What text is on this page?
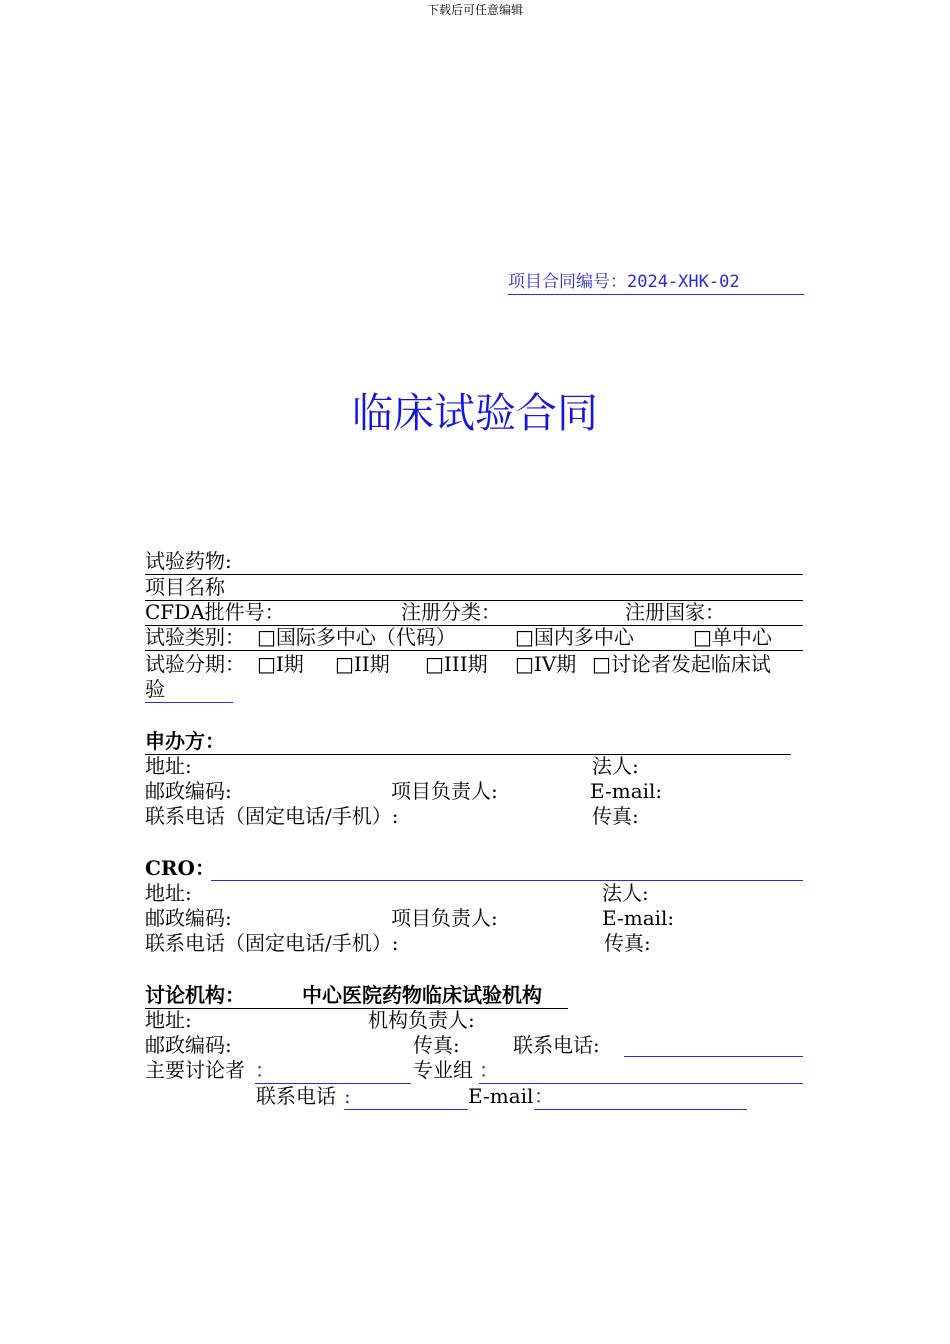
下载后可任意编辑
项目合同编号：2024-XHK-02
临床试验合同
试验药物:
项目名称
CFDA批件号：	注册分类：	注册国家：
试验类别： □国际多中心（代码）	□国内多中心	□单中心
试验分期： □I期 □II期 □III期 □IV期 □讨论者发起临床试
验
申办方：
地址:	法人:
邮政编码:	项目负责人:	E-mail:
联系电话（固定电话/手机）:	传真:
CRO：
地址:	法人:
邮政编码:	项目负责人:	E-mail:
联系电话（固定电话/手机）:	传真:
讨论机构：	中心医院药物临床试验机构
地址:	机构负责人:
邮政编码:	传真:	联系电话:
主要讨论者 ：	专业组 ：
联系电话 :	E-mail ：
